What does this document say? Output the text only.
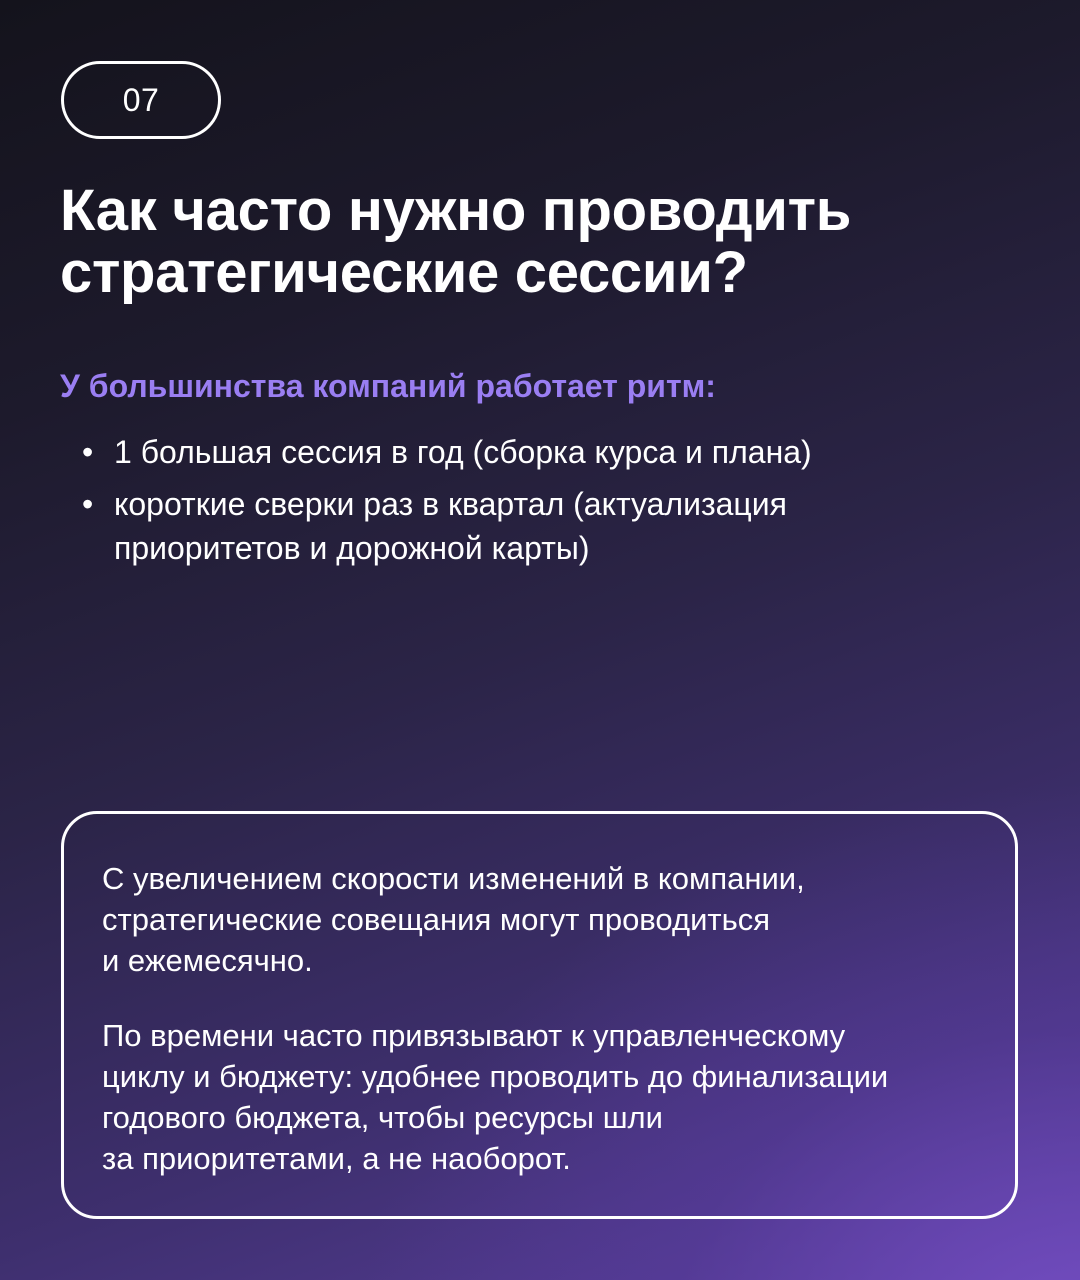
07
Как часто нужно проводить
стратегические сессии?

У большинства компаний работает ритм:

• 1 большая сессия в год (сборка курса и плана)
• короткие сверки раз в квартал (актуализация
приоритетов и дорожной карты)

С увеличением скорости изменений в компании,
стратегические совещания могут проводиться
и ежемесячно.

По времени часто привязывают к управленческому
циклу и бюджету: удобнее проводить до финализации
годового бюджета, чтобы ресурсы шли
за приоритетами, а не наоборот.
